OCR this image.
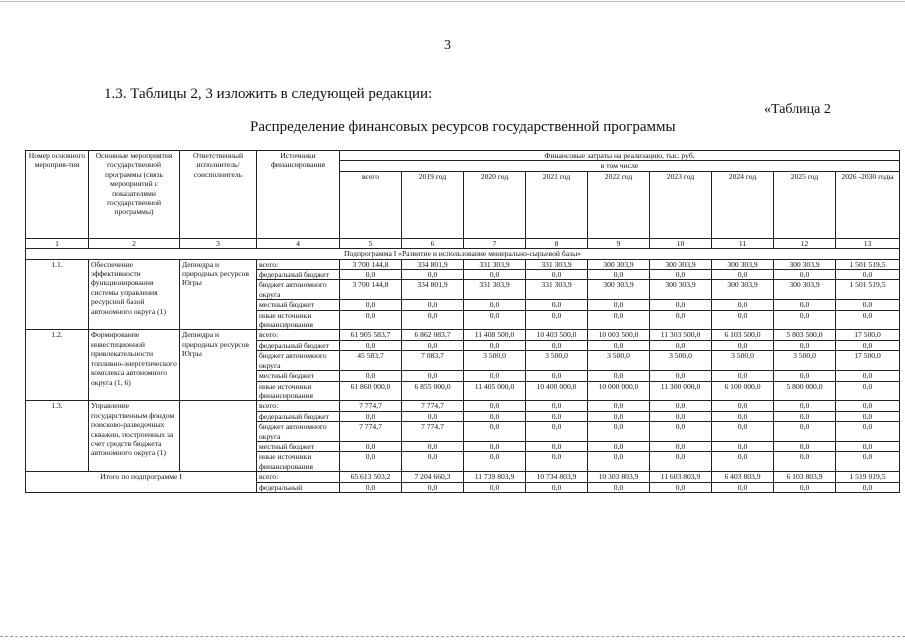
3
1.3. Таблицы 2, 3 изложить в следующей редакции:
«Таблица 2
Распределение финансовых ресурсов государственной программы
Номер основного мероприя-тия	Основные мероприятия государственной программы (связь мероприятий с показателями государственной программы)	Ответственный исполнитель/ соисполнитель	Источники финансирования	Финансовые затраты на реализацию, тыс. руб.								
				в том числе								
				всего	2019 год	2020 год	2021 год	2022 год	2023 год	2024 год	2025 год	2026 -2030 годы
1	2	3	4	5	6	7	8	9	10	11	12	13
Подпрограмма I «Развитие и использование минерально-сырьевой базы»												
1.1.	Обеспечение эффективности функционирования системы управления ресурсной базой автономного округа (1)	Депнедра и природных ресурсов Югры	всего:	3 700 144,8	334 801,9	331 303,9	331 303,9	300 303,9	300 303,9	300 303,9	300 303,9	1 501 519,5
			федеральный бюджет	0,0	0,0	0,0	0,0	0,0	0,0	0,0	0,0	0,0
			бюджет автономного округа	3 700 144,8	334 801,9	331 303,9	331 303,9	300 303,9	300 303,9	300 303,9	300 303,9	1 501 519,5
			местный бюджет	0,0	0,0	0,0	0,0	0,0	0,0	0,0	0,0	0,0
			иные источники финансирования	0,0	0,0	0,0	0,0	0,0	0,0	0,0	0,0	0,0
1.2.	Формирование инвестиционной привлекательности топливно-энергетического комплекса автономного округа (1, 6)	Депнедра и природных ресурсов Югры	всего:	61 905 583,7	6 862 083,7	11 408 500,0	10 403 500,0	10 003 500,0	11 303 500,0	6 103 500,0	5 803 500,0	17 500,0
			федеральный бюджет	0,0	0,0	0,0	0,0	0,0	0,0	0,0	0,0	0,0
			бюджет автономного округа	45 583,7	7 083,7	3 500,0	3 500,0	3 500,0	3 500,0	3 500,0	3 500,0	17 500,0
			местный бюджет	0,0	0,0	0,0	0,0	0,0	0,0	0,0	0,0	0,0
			иные источники финансирования	61 860 000,0	6 855 000,0	11 405 000,0	10 400 000,0	10 000 000,0	11 300 000,0	6 100 000,0	5 800 000,0	0,0
1.3.	Управление государственным фондом поисково-разведочных скважин, построенных за счет средств бюджета автономного округа (1)		всего:	7 774,7	7 774,7	0,0	0,0	0,0	0,0	0,0	0,0	0,0
			федеральный бюджет	0,0	0,0	0,0	0,0	0,0	0,0	0,0	0,0	0,0
			бюджет автономного округа	7 774,7	7 774,7	0,0	0,0	0,0	0,0	0,0	0,0	0,0
			местный бюджет	0,0	0,0	0,0	0,0	0,0	0,0	0,0	0,0	0,0
			иные источники финансирования	0,0	0,0	0,0	0,0	0,0	0,0	0,0	0,0	0,0
Итого по подпрограмме I			всего:	65 613 503,2	7 204 660,3	11 739 803,9	10 734 803,9	10 303 803,9	11 603 803,9	6 403 803,9	6 103 803,9	1 519 019,5
			федеральный	0,0	0,0	0,0	0,0	0,0	0,0	0,0	0,0	0,0
